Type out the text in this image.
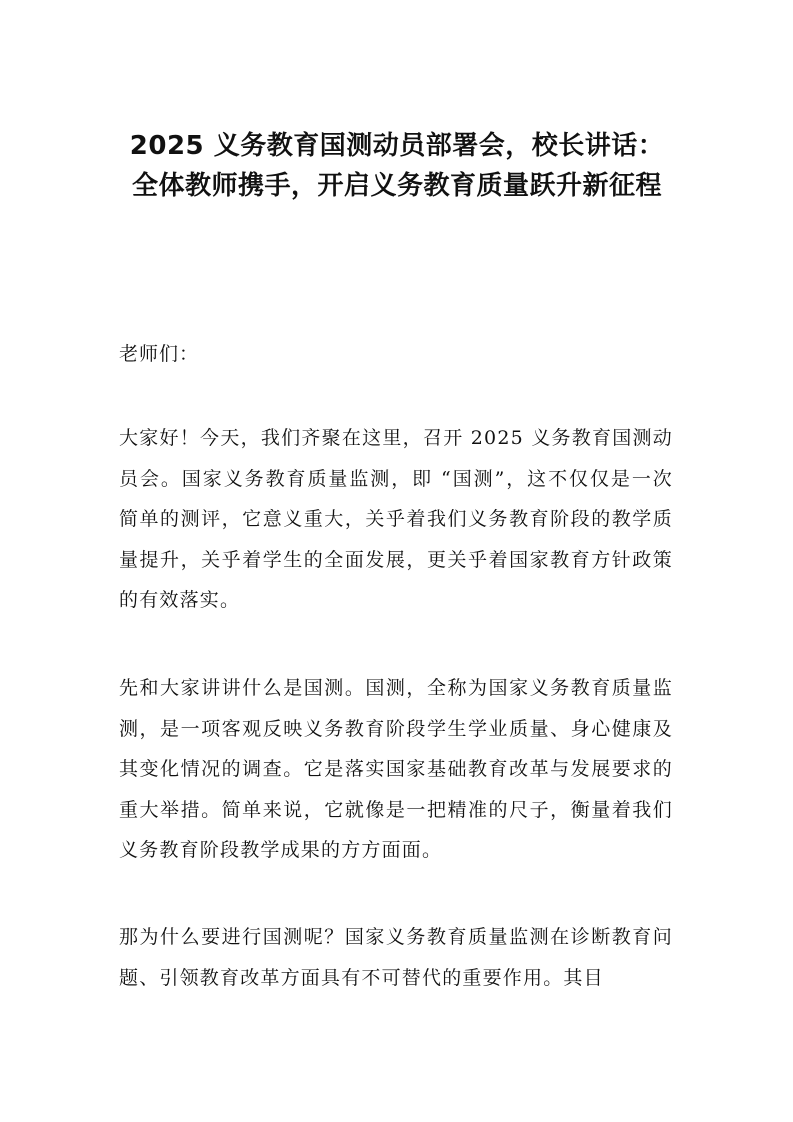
2025 义务教育国测动员部署会，校长讲话：全体教师携手，开启义务教育质量跃升新征程

老师们：

大家好！今天，我们齐聚在这里，召开 2025 义务教育国测动员会。国家义务教育质量监测，即 “国测”，这不仅仅是一次简单的测评，它意义重大，关乎着我们义务教育阶段的教学质量提升，关乎着学生的全面发展，更关乎着国家教育方针政策的有效落实。

先和大家讲讲什么是国测。国测，全称为国家义务教育质量监测，是一项客观反映义务教育阶段学生学业质量、身心健康及其变化情况的调查。它是落实国家基础教育改革与发展要求的重大举措。简单来说，它就像是一把精准的尺子，衡量着我们义务教育阶段教学成果的方方面面。

那为什么要进行国测呢？国家义务教育质量监测在诊断教育问题、引领教育改革方面具有不可替代的重要作用。其目
